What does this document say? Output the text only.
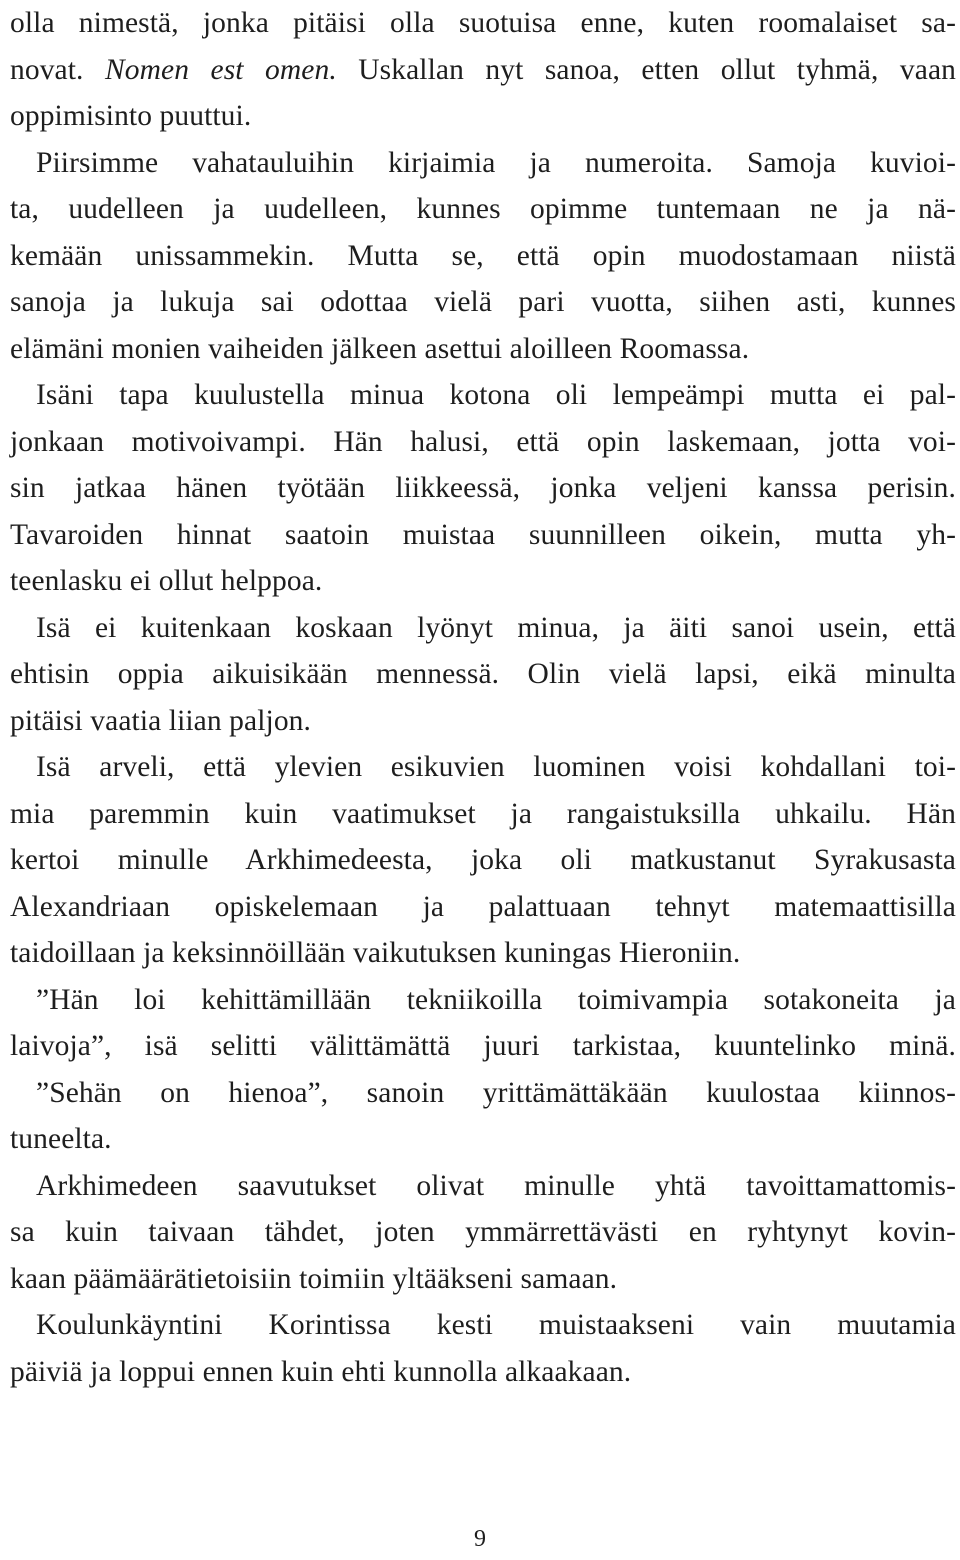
olla nimestä, jonka pitäisi olla suotuisa enne, kuten roomalaiset sa-
novat. Nomen est omen. Uskallan nyt sanoa, etten ollut tyhmä, vaan
oppimisinto puuttui.
Piirsimme vahatauluihin kirjaimia ja numeroita. Samoja kuvioi-
ta, uudelleen ja uudelleen, kunnes opimme tuntemaan ne ja nä-
kemään unissammekin. Mutta se, että opin muodostamaan niistä
sanoja ja lukuja sai odottaa vielä pari vuotta, siihen asti, kunnes
elämäni monien vaiheiden jälkeen asettui aloilleen Roomassa.
Isäni tapa kuulustella minua kotona oli lempeämpi mutta ei pal-
jonkaan motivoivampi. Hän halusi, että opin laskemaan, jotta voi-
sin jatkaa hänen työtään liikkeessä, jonka veljeni kanssa perisin.
Tavaroiden hinnat saatoin muistaa suunnilleen oikein, mutta yh-
teenlasku ei ollut helppoa.
Isä ei kuitenkaan koskaan lyönyt minua, ja äiti sanoi usein, että
ehtisin oppia aikuisikään mennessä. Olin vielä lapsi, eikä minulta
pitäisi vaatia liian paljon.
Isä arveli, että ylevien esikuvien luominen voisi kohdallani toi-
mia paremmin kuin vaatimukset ja rangaistuksilla uhkailu. Hän
kertoi minulle Arkhimedeesta, joka oli matkustanut Syrakusasta
Alexandriaan opiskelemaan ja palattuaan tehnyt matemaattisilla
taidoillaan ja keksinnöillään vaikutuksen kuningas Hieroniin.
”Hän loi kehittämillään tekniikoilla toimivampia sotakoneita ja
laivoja”, isä selitti välittämättä juuri tarkistaa, kuuntelinko minä.
”Sehän on hienoa”, sanoin yrittämättäkään kuulostaa kiinnos-
tuneelta.
Arkhimedeen saavutukset olivat minulle yhtä tavoittamattomis-
sa kuin taivaan tähdet, joten ymmärrettävästi en ryhtynyt kovin-
kaan päämäärätietoisiin toimiin yltääkseni samaan.
Koulunkäyntini Korintissa kesti muistaakseni vain muutamia
päiviä ja loppui ennen kuin ehti kunnolla alkaakaan.
9
